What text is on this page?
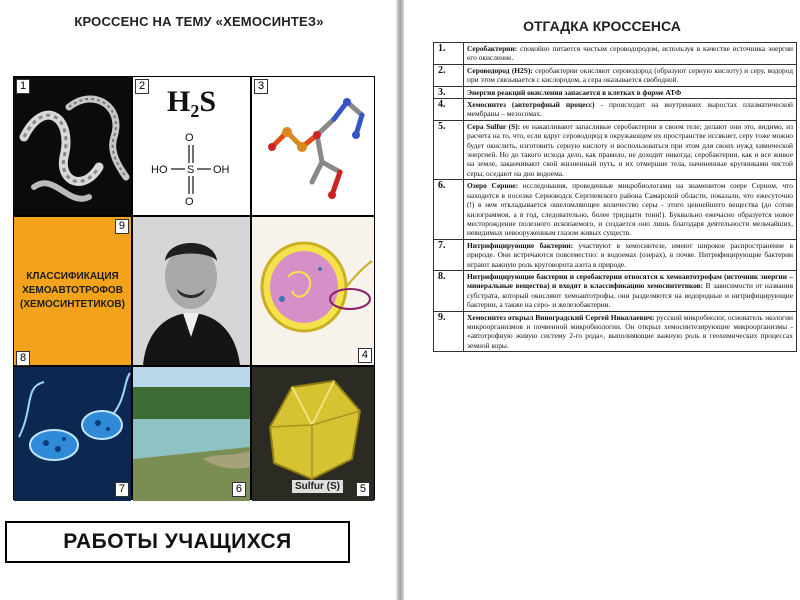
КРОССЕНС НА ТЕМУ «ХЕМОСИНТЕЗ»
1	2 H₂S
O
HO S OH
O
3
9
КЛАССИФИКАЦИЯ ХЕМОАВТОТРОФОВ (ХЕМОСИНТЕТИКОВ)
4
8
7	6	5
Sulfur (S)
РАБОТЫ УЧАЩИХСЯ
ОТГАДКА КРОССЕНСА
1.	Серобактерии: спокойно питается чистым сероводородом, используя в качестве источника энергии его окисление.
2.	Сероводород (H2S): серобактерии окисляют сероводород (образуют серную кислоту) и серу, водород при этом связывается с кислородом, а сера оказывается свободной.
3.	Энергия реакций окисления запасается в клетках в форме АТФ
4.	Хемосинтез (автотрофный процесс) - происходит на внутренних выростах плазматической мембраны – мезосомах.
5.	Сера Sulfur (S): ее накапливают запасливые серобактерии в своем теле; делают они это, видимо, из расчета на то, что, если вдруг сероводород в окружающем их пространстве иссякнет, серу тоже можно будет окислить, изготовить серную кислоту и воспользоваться при этом для своих нужд химической энергией. Но до такого исхода дело, как правило, не доходит никогда; серобактерии, как и все живое на земле, заканчивают свой жизненный путь, и их отмершие тела, начиненные крупинками чистой серы, оседают на дно водоема.
6.	Озеро Серное: исследования, проведенные микробиологами на знаменитом озере Серном, что находится в поселке Серноводск Сергиевского района Самарской области, показали, что ежесуточно (!) в нем откладывается ошеломляющее количество серы - этого ценнейшего вещества (до сотни килограммов, а в год, следовательно, более тридцати тонн!). Буквально ежечасно образуется новое месторождение полезного ископаемого, и создается оно лишь благодаря деятельности мельчайших, невидимых невооруженным глазом живых существ.
7.	Нитрифицирующие бактерии: участвуют в хемосинтезе, имеют широкое распространение в природе. Они встречаются повсеместно: в водоемах (озерах), в почве. Нитрифицирующие бактерии играют важную роль круговорота азота в природе.
8.	Нитрифицирующие бактерии и серобактерии относятся к хемоавтотрофам (источник энергии – минеральные вещества) и входят в классификацию хемосинтетиков: В зависимости от названия субстрата, который окисляют хемоавтотрофы, они разделяются на водородные и нитрифицирующие бактерии, а также на серо- и железобактерии.
9.	Хемосинтез открыл Виноградский Сергей Николаевич: русский микробиолог, основатель экологии микроорганизмов и почвенной микробиологии. Он открыл хемосинтезирующие микроорганизмы - «автотрофную живую систему 2-го рода», выполняющие важную роль в геохимических процессах земной коры.
